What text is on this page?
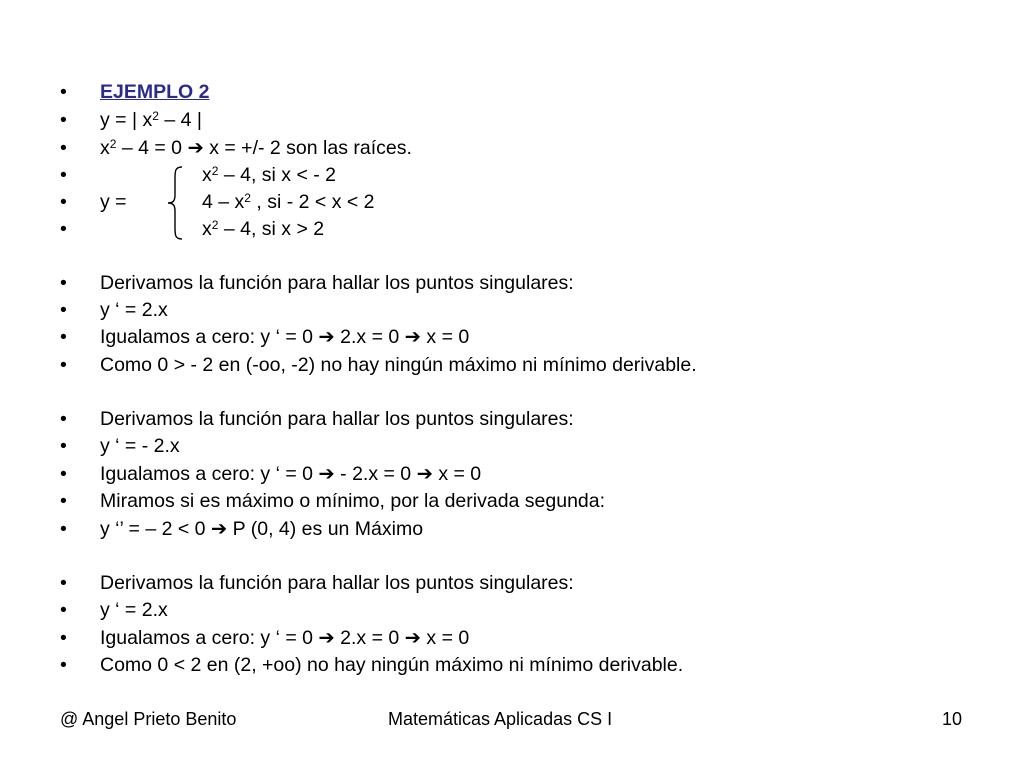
• EJEMPLO 2
• y = | $x^2 - 4$ |
• $x^2 - 4 = 0$ ➔ x = +/- 2 son las raíces.
•	$x^2 - 4$, si x < - 2
• y =	$4 - x^2$ , si - 2 < x < 2
•	$x^2 - 4$, si x > 2
• Derivamos la función para hallar los puntos singulares:
• y ‘ = 2.x
• Igualamos a cero: y ‘ = 0 ➔ 2.x = 0 ➔ x = 0
• Como 0 > - 2 en (-oo, -2) no hay ningún máximo ni mínimo derivable.
• Derivamos la función para hallar los puntos singulares:
• y ‘ = - 2.x
• Igualamos a cero: y ‘ = 0 ➔ - 2.x = 0 ➔ x = 0
• Miramos si es máximo o mínimo, por la derivada segunda:
• y ‘’ = – 2 < 0 ➔ P (0, 4) es un Máximo
• Derivamos la función para hallar los puntos singulares:
• y ‘ = 2.x
• Igualamos a cero: y ‘ = 0 ➔ 2.x = 0 ➔ x = 0
• Como 0 < 2 en (2, +oo) no hay ningún máximo ni mínimo derivable.
@ Angel Prieto Benito	Matemáticas Aplicadas CS I	10
